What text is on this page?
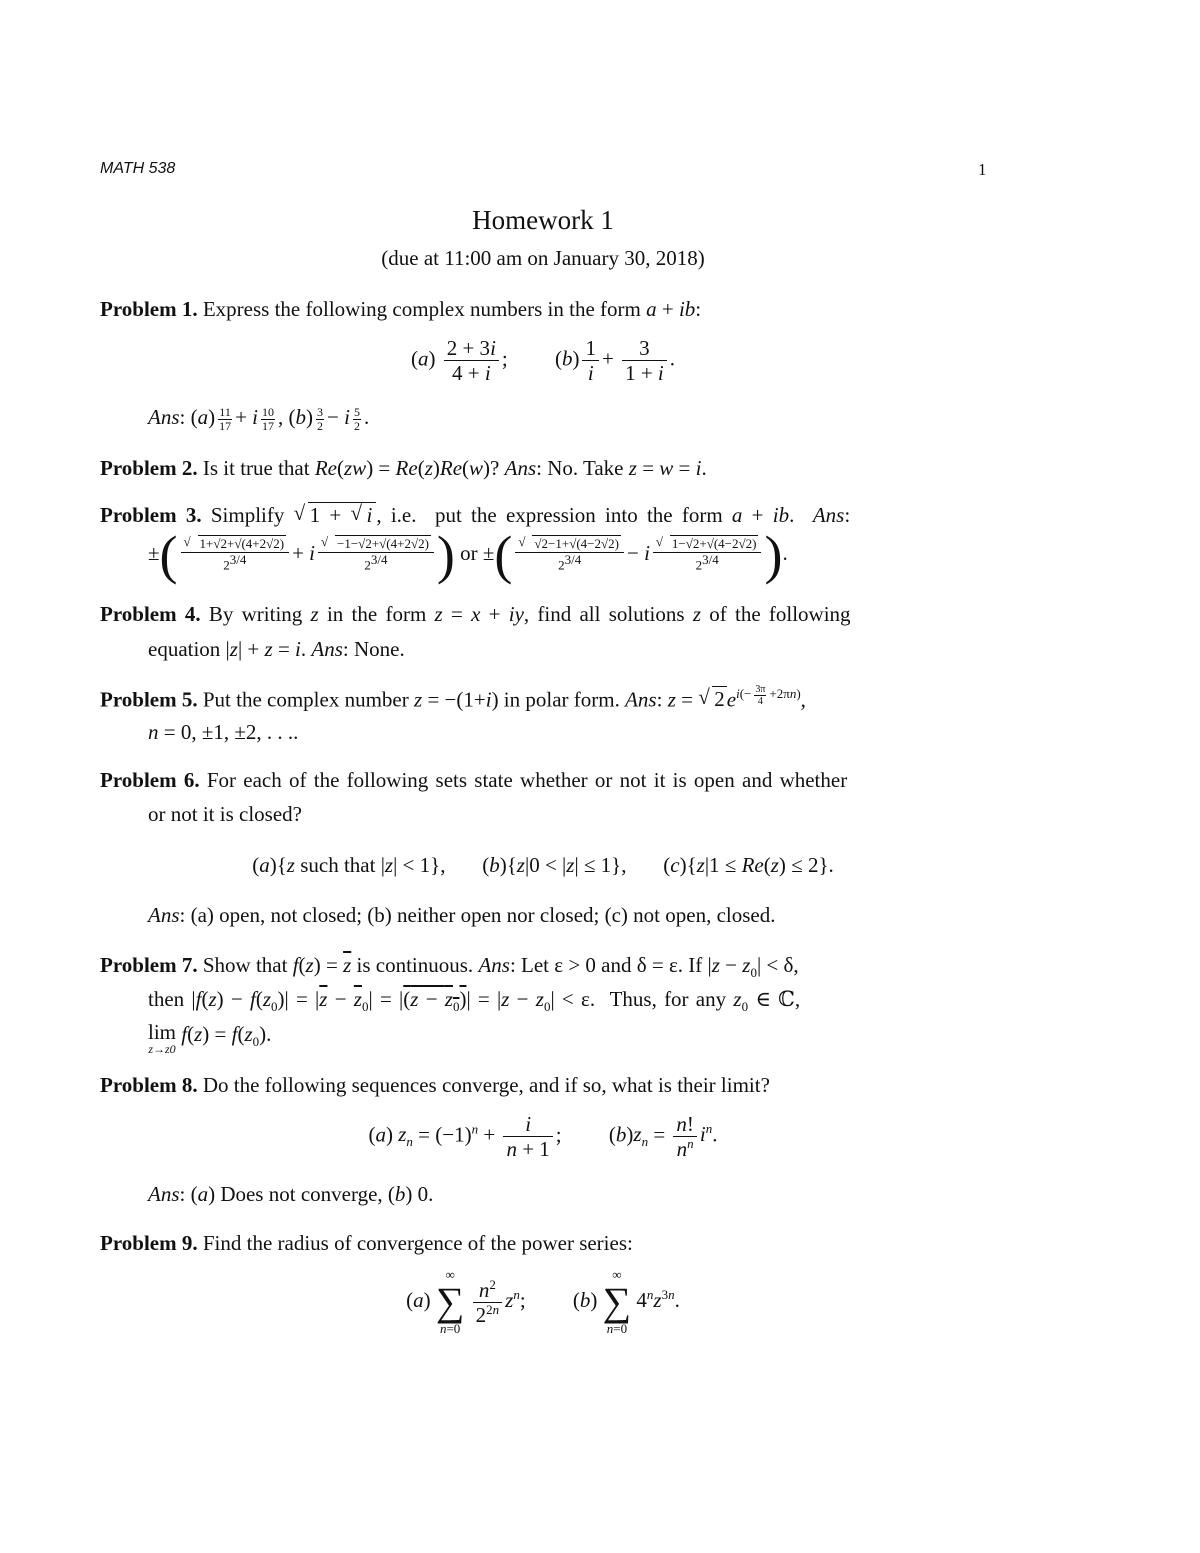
MATH 538	1
Homework 1
(due at 11:00 am on January 30, 2018)
Problem 1. Express the following complex numbers in the form a + ib:
$(a) \frac{2 + 3i}{4 + i}$ ;         $(b) \frac{1}{i} + \frac{3}{1 + i}$ .
Ans: $(a) \frac{11}{17} + i \frac{10}{17}$ , $(b) \frac{3}{2} - i \frac{5}{2}$ .
Problem 2. Is it true that Re(zw) = Re(z)Re(w)? Ans: No. Take z = w = i.
Problem 3. Simplify √ 1 + √ i , i.e.  put the expression into the form a + ib.  Ans:
±( √ $\frac{1+√2+√(4+2√2)}{2^{3/4}} + i$ √ $\frac{-1-√2+√(4+2√2)}{2^{3/4}}$ ) or ±( √ $\frac{√2-1+√(4-2√2)}{2^{3/4}} - i$ √ $\frac{1-√2+√(4-2√2)}{2^{3/4}}$ ).
Problem 4. By writing z in the form z = x + iy, find all solutions z of the following
equation |z| + z = i. Ans: None.
Problem 5. Put the complex number z = −(1+i) in polar form. Ans: z = √ $2e^{i(- \frac{3\pi}{4} +2\pi n)}$,
n = 0, ±1, ±2, . . ..
Problem 6. For each of the following sets state whether or not it is open and whether
or not it is closed?
(a){z such that |z| < 1},       (b){z|0 < |z| ≤ 1},       (c){z|1 ≤ Re(z) ≤ 2}.
Ans: (a) open, not closed; (b) neither open nor closed; (c) not open, closed.
Problem 7. Show that $f(z) = \overline{z}$ is continuous. Ans: Let ε > 0 and δ = ε. If $|z - z_0| < \delta$,
then $|f(z) - f(z_0)| = |\overline{z} - \overline{z}_0| = |(z - z_0)| = |z - z_0| < \varepsilon$.  Thus, for any $z_0$ ∈ ℂ,
lim
z→z0
$f(z) = f(z_0)$.
Problem 8. Do the following sequences converge, and if so, what is their limit?
(a) $z_n = (-1)^n + \frac{i}{n + 1}$ ;         $(b)z_n = \frac{n!}{n^n} i^n$.
Ans: (a) Does not converge, (b) 0.
Problem 9. Find the radius of convergence of the power series:
(a)
∞
∑
n=0

$\frac{n^2}{2^{2n}} z^n$;         (b)
∞
∑
n=0
$4^nz^{3n}$.
